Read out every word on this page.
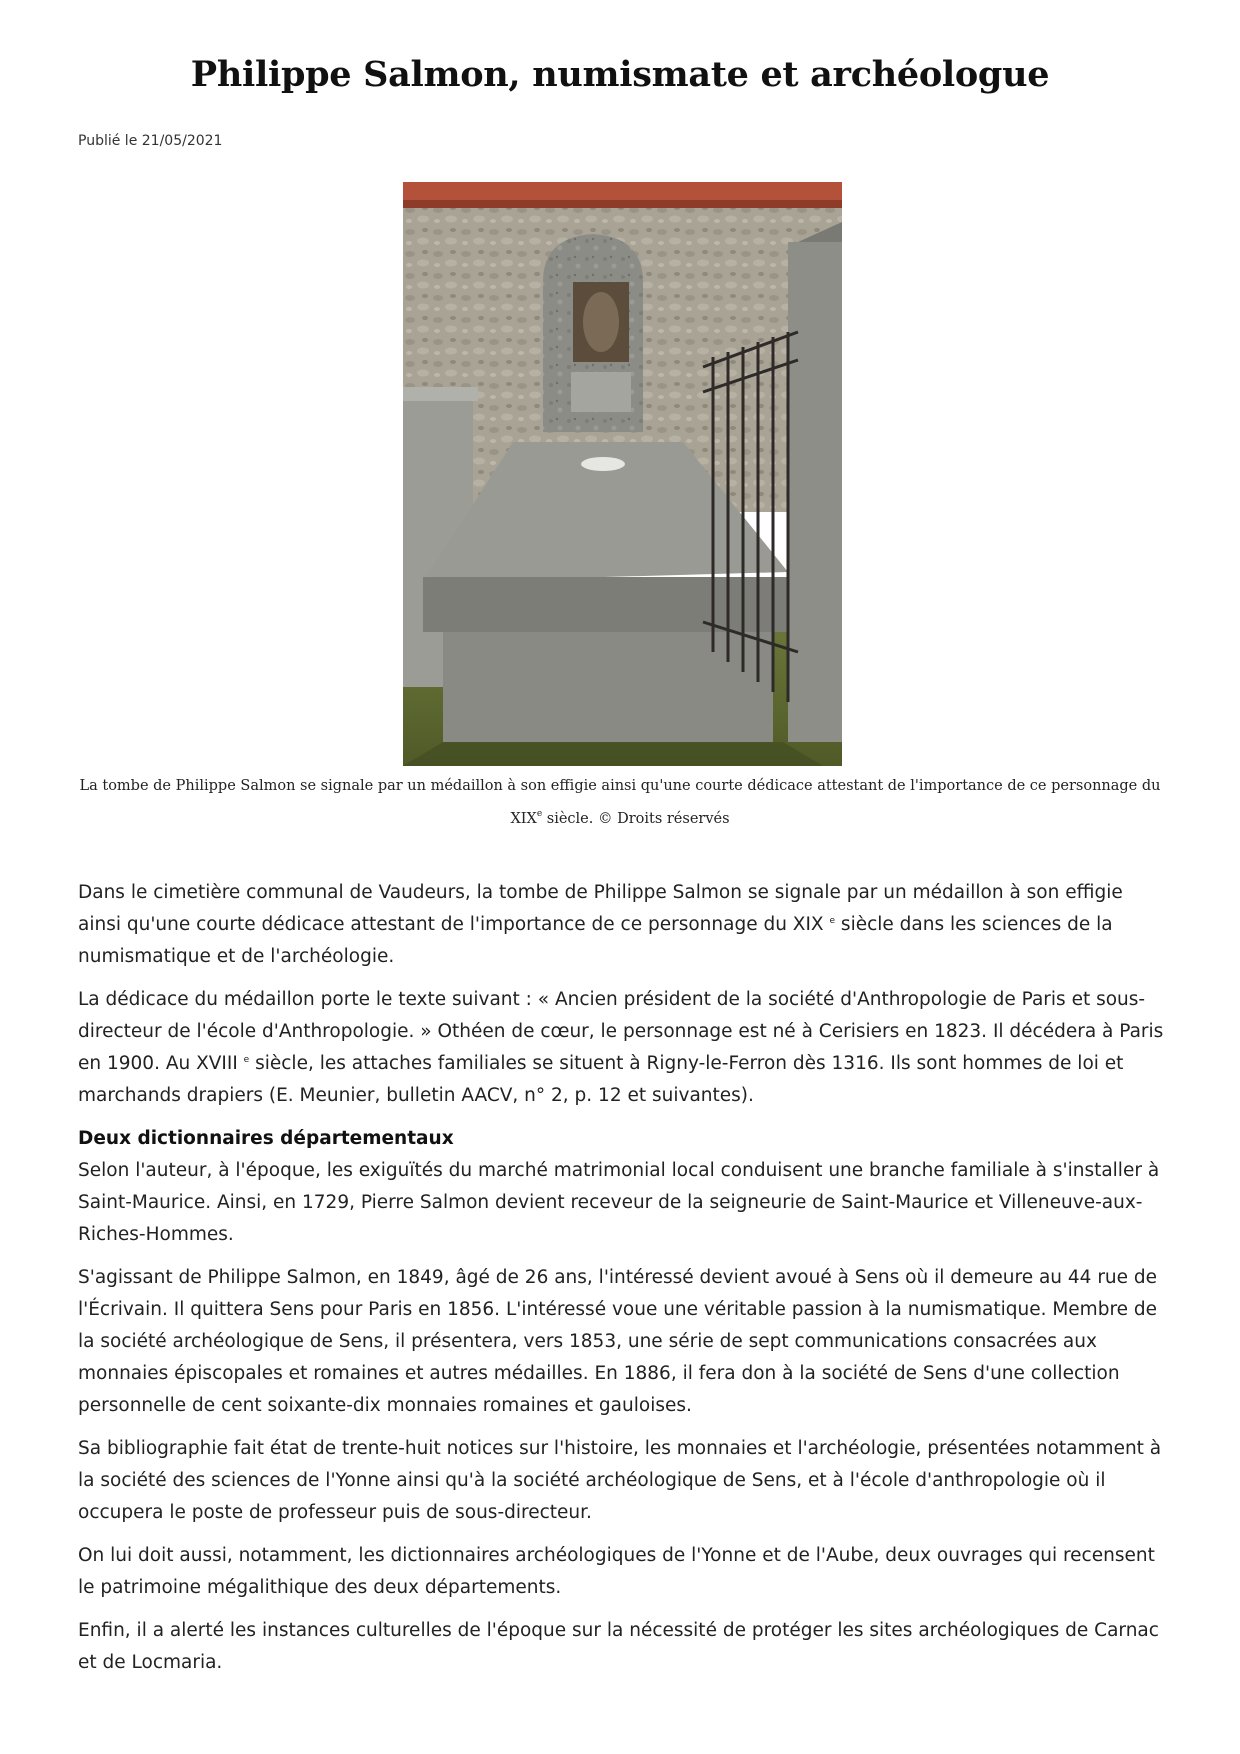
Philippe Salmon, numismate et archéologue
Publié le 21/05/2021
La tombe de Philippe Salmon se signale par un médaillon à son effigie ainsi qu'une courte dédicace attestant de l'importance de ce personnage du XIXe siècle. © Droits réservés

Dans le cimetière communal de Vaudeurs, la tombe de Philippe Salmon se signale par un médaillon à son effigie ainsi qu'une courte dédicace attestant de l'importance de ce personnage du XIX $^e$ siècle dans les sciences de la numismatique et de l'archéologie.

La dédicace du médaillon porte le texte suivant : « Ancien président de la société d'Anthropologie de Paris et sous-directeur de l'école d'Anthropologie. » Othéen de cœur, le personnage est né à Cerisiers en 1823. Il décédera à Paris en 1900. Au XVIII $^e$ siècle, les attaches familiales se situent à Rigny-le-Ferron dès 1316. Ils sont hommes de loi et marchands drapiers (E. Meunier, bulletin AACV, n° 2, p. 12 et suivantes).

Deux dictionnaires départementaux

Selon l'auteur, à l'époque, les exiguïtés du marché matrimonial local conduisent une branche familiale à s'installer à Saint-Maurice. Ainsi, en 1729, Pierre Salmon devient receveur de la seigneurie de Saint-Maurice et Villeneuve-aux-Riches-Hommes.

S'agissant de Philippe Salmon, en 1849, âgé de 26 ans, l'intéressé devient avoué à Sens où il demeure au 44 rue de l'Écrivain. Il quittera Sens pour Paris en 1856. L'intéressé voue une véritable passion à la numismatique. Membre de la société archéologique de Sens, il présentera, vers 1853, une série de sept communications consacrées aux monnaies épiscopales et romaines et autres médailles. En 1886, il fera don à la société de Sens d'une collection personnelle de cent soixante-dix monnaies romaines et gauloises.

Sa bibliographie fait état de trente-huit notices sur l'histoire, les monnaies et l'archéologie, présentées notamment à la société des sciences de l'Yonne ainsi qu'à la société archéologique de Sens, et à l'école d'anthropologie où il occupera le poste de professeur puis de sous-directeur.

On lui doit aussi, notamment, les dictionnaires archéologiques de l'Yonne et de l'Aube, deux ouvrages qui recensent le patrimoine mégalithique des deux départements.

Enfin, il a alerté les instances culturelles de l'époque sur la nécessité de protéger les sites archéologiques de Carnac et de Locmaria.
